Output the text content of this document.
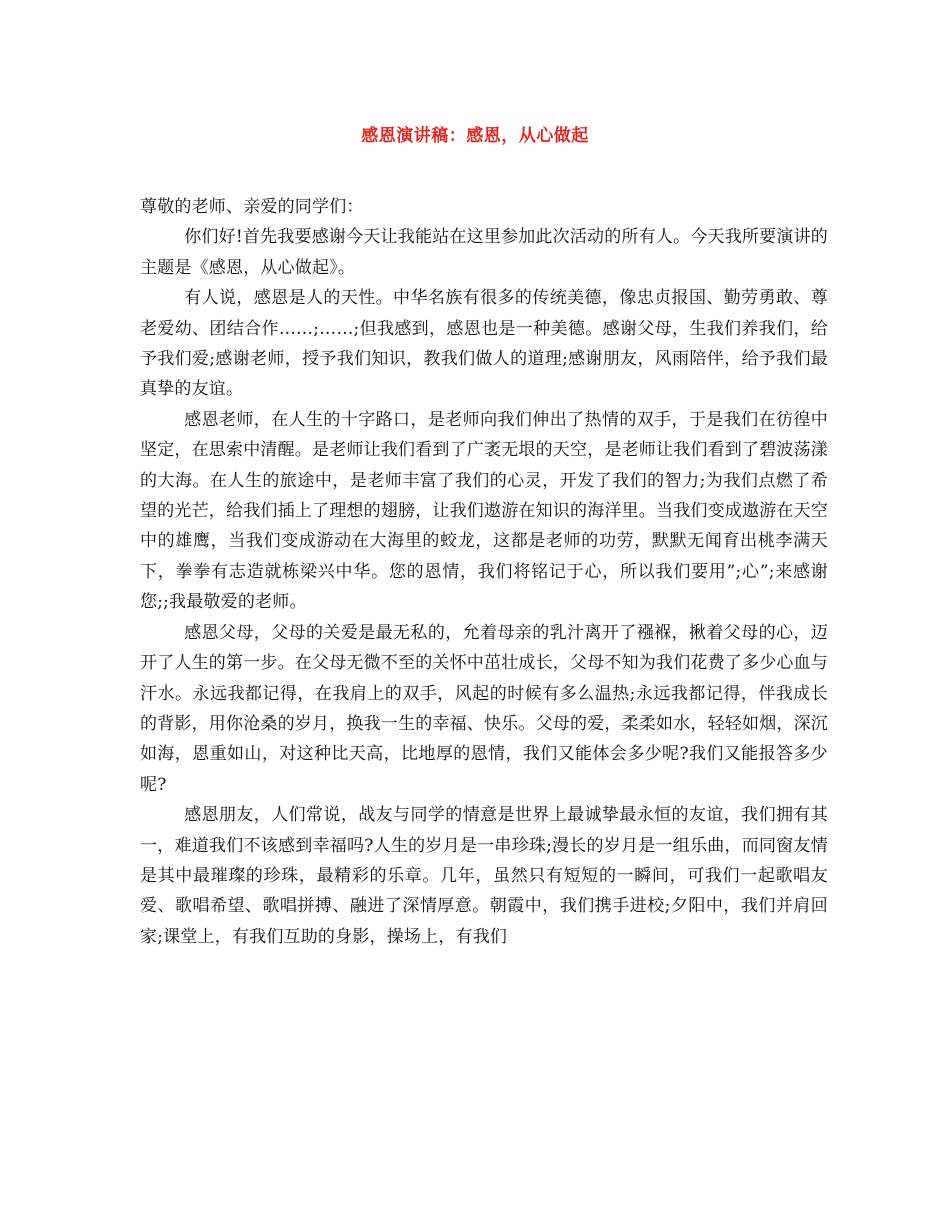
感恩演讲稿：感恩，从心做起

尊敬的老师、亲爱的同学们：

你们好!首先我要感谢今天让我能站在这里参加此次活动的所有人。今天我所要演讲的主题是《感恩，从心做起》。

有人说，感恩是人的天性。中华名族有很多的传统美德，像忠贞报国、勤劳勇敢、尊老爱幼、团结合作……;……;但我感到，感恩也是一种美德。感谢父母，生我们养我们，给予我们爱;感谢老师，授予我们知识，教我们做人的道理;感谢朋友，风雨陪伴，给予我们最真挚的友谊。

感恩老师，在人生的十字路口，是老师向我们伸出了热情的双手，于是我们在彷徨中坚定，在思索中清醒。是老师让我们看到了广袤无垠的天空，是老师让我们看到了碧波荡漾的大海。在人生的旅途中，是老师丰富了我们的心灵，开发了我们的智力;为我们点燃了希望的光芒，给我们插上了理想的翅膀，让我们遨游在知识的海洋里。当我们变成遨游在天空中的雄鹰，当我们变成游动在大海里的蛟龙，这都是老师的功劳，默默无闻育出桃李满天下，拳拳有志造就栋梁兴中华。您的恩情，我们将铭记于心，所以我们要用”;心”;来感谢您;;我最敬爱的老师。

感恩父母，父母的关爱是最无私的，允着母亲的乳汁离开了襁褓，揪着父母的心，迈开了人生的第一步。在父母无微不至的关怀中茁壮成长，父母不知为我们花费了多少心血与汗水。永远我都记得，在我肩上的双手，风起的时候有多么温热;永远我都记得，伴我成长的背影，用你沧桑的岁月，换我一生的幸福、快乐。父母的爱，柔柔如水，轻轻如烟，深沉如海，恩重如山，对这种比天高，比地厚的恩情，我们又能体会多少呢?我们又能报答多少呢?

感恩朋友，人们常说，战友与同学的情意是世界上最诚挚最永恒的友谊，我们拥有其一，难道我们不该感到幸福吗?人生的岁月是一串珍珠;漫长的岁月是一组乐曲，而同窗友情是其中最璀璨的珍珠，最精彩的乐章。几年，虽然只有短短的一瞬间，可我们一起歌唱友爱、歌唱希望、歌唱拼搏、融进了深情厚意。朝霞中，我们携手进校;夕阳中，我们并肩回家;课堂上，有我们互助的身影，操场上，有我们
